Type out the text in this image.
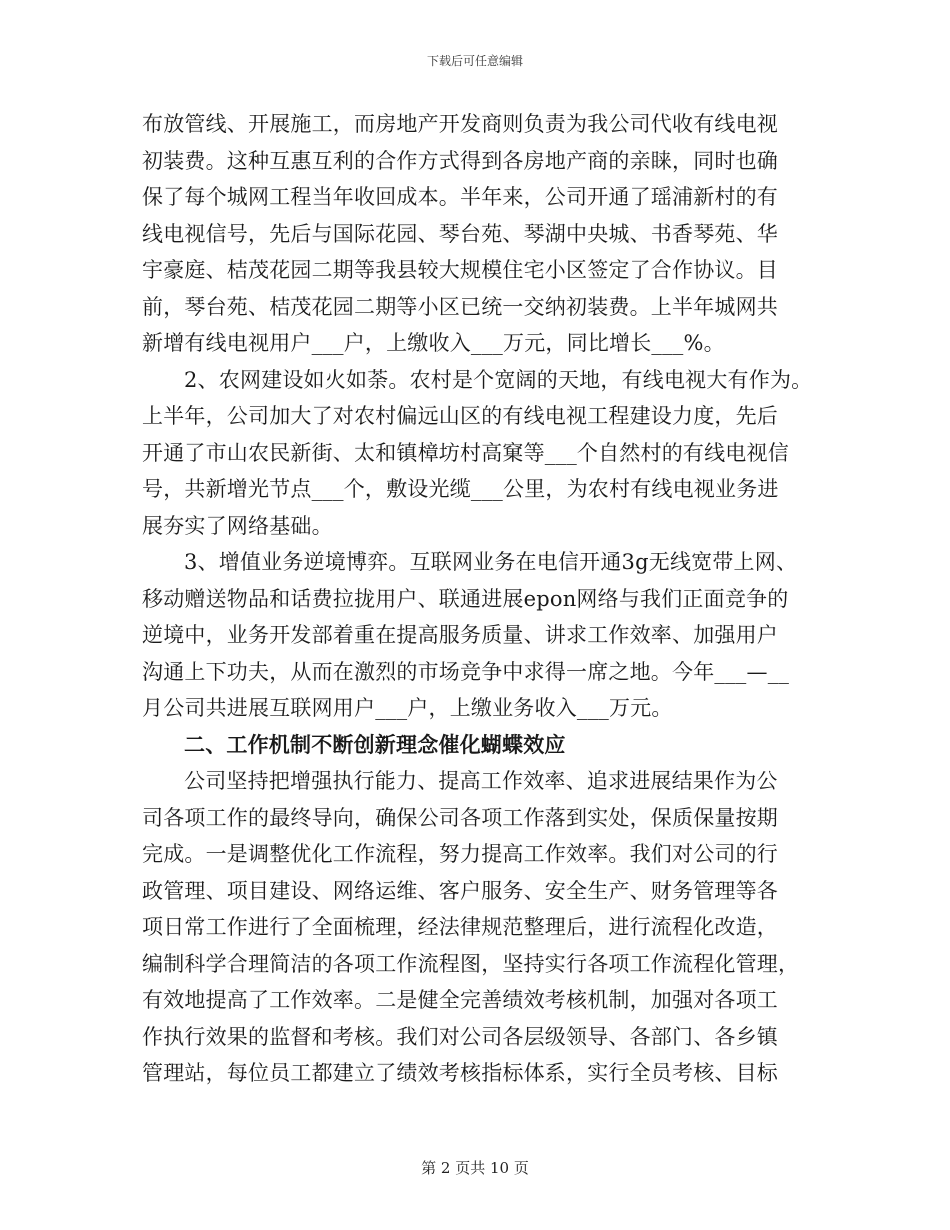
下载后可任意编辑
布放管线、开展施工，而房地产开发商则负责为我公司代收有线电视
初装费。这种互惠互利的合作方式得到各房地产商的亲睐，同时也确
保了每个城网工程当年收回成本。半年来，公司开通了瑶浦新村的有
线电视信号，先后与国际花园、琴台苑、琴湖中央城、书香琴苑、华
宇豪庭、桔茂花园二期等我县较大规模住宅小区签定了合作协议。目
前，琴台苑、桔茂花园二期等小区已统一交纳初装费。上半年城网共
新增有线电视用户___户，上缴收入___万元，同比增长___%。
2、农网建设如火如荼。农村是个宽阔的天地，有线电视大有作为。
上半年，公司加大了对农村偏远山区的有线电视工程建设力度，先后
开通了市山农民新街、太和镇樟坊村高窠等___个自然村的有线电视信
号，共新增光节点___个，敷设光缆___公里，为农村有线电视业务进
展夯实了网络基础。
3、增值业务逆境博弈。互联网业务在电信开通3g无线宽带上网、
移动赠送物品和话费拉拢用户、联通进展epon网络与我们正面竞争的
逆境中，业务开发部着重在提高服务质量、讲求工作效率、加强用户
沟通上下功夫，从而在激烈的市场竞争中求得一席之地。今年___—__
月公司共进展互联网用户___户，上缴业务收入___万元。
二、工作机制不断创新理念催化蝴蝶效应
公司坚持把增强执行能力、提高工作效率、追求进展结果作为公
司各项工作的最终导向，确保公司各项工作落到实处，保质保量按期
完成。一是调整优化工作流程，努力提高工作效率。我们对公司的行
政管理、项目建设、网络运维、客户服务、安全生产、财务管理等各
项日常工作进行了全面梳理，经法律规范整理后，进行流程化改造，
编制科学合理简洁的各项工作流程图，坚持实行各项工作流程化管理，
有效地提高了工作效率。二是健全完善绩效考核机制，加强对各项工
作执行效果的监督和考核。我们对公司各层级领导、各部门、各乡镇
管理站，每位员工都建立了绩效考核指标体系，实行全员考核、目标
第 2 页共 10 页
